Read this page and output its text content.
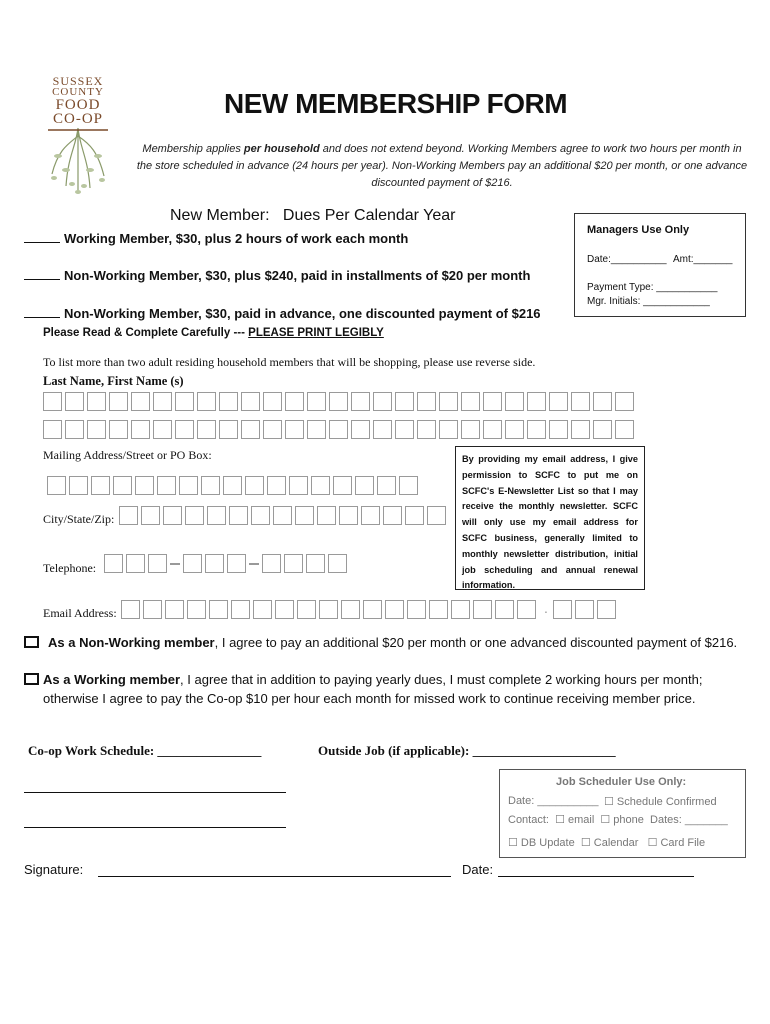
SUSSEX
COUNTY
FOOD
CO-OP	NEW MEMBERSHIP FORM
Membership applies per household and does not extend beyond. Working Members agree to work two hours per month in the store scheduled in advance (24 hours per year). Non-Working Members pay an additional $20 per month, or one advance discounted payment of $216.
New Member:   Dues Per Calendar Year
Working Member, $30, plus 2 hours of work each month
Non-Working Member, $30, plus $240, paid in installments of $20 per month
Non-Working Member, $30, paid in advance, one discounted payment of $216
Managers Use Only
Date:__________ Amt:_______
Payment Type: ___________
Mgr. Initials: ____________
Please Read & Complete Carefully --- PLEASE PRINT LEGIBLY
To list more than two adult residing household members that will be shopping, please use reverse side.
Last Name, First Name (s)
Mailing Address/Street or PO Box:
City/State/Zip:
Telephone:
By providing my email address, I give permission to SCFC to put me on SCFC's E-Newsletter List so that I may receive the monthly newsletter. SCFC will only use my email address for SCFC business, generally limited to monthly newsletter distribution, initial job scheduling and annual renewal information.
Email Address:	.
As a Non-Working member, I agree to pay an additional $20 per month or one advanced discounted payment of $216.
As a Working member, I agree that in addition to paying yearly dues, I must complete 2 working hours per month; otherwise I agree to pay the Co-op $10 per hour each month for missed work to continue receiving member price.
Co-op Work Schedule: ________________	Outside Job (if applicable): ______________________
Job Scheduler Use Only:
Date: __________ ☐ Schedule Confirmed
Contact:  ☐ email  ☐ phone  Dates: _______
☐ DB Update  ☐ Calendar   ☐ Card File
Signature:	Date:
